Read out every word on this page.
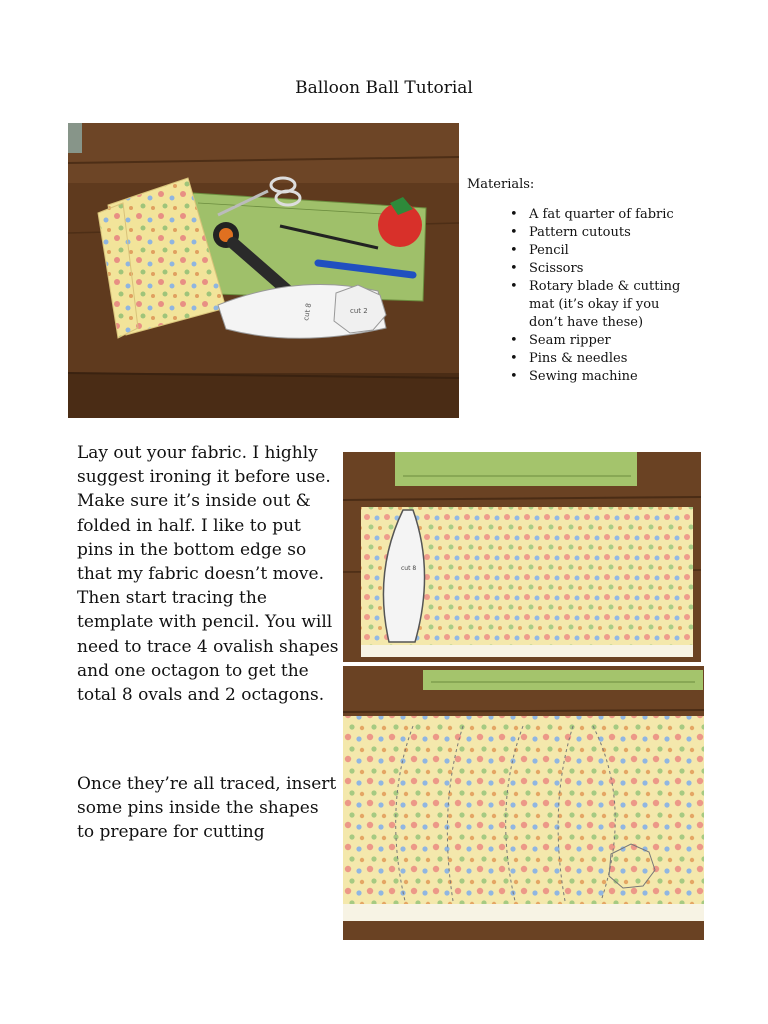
Balloon Ball Tutorial
cut 8	cut 2
Materials:
• A fat quarter of fabric
• Pattern cutouts
• Pencil
• Scissors
• Rotary blade & cutting mat (it’s okay if you don’t have these)
• Seam ripper
• Pins & needles
• Sewing machine
Lay out your fabric. I highly suggest ironing it before use. Make sure it’s inside out & folded in half. I like to put pins in the bottom edge so that my fabric doesn’t move. Then start tracing the template with pencil. You will need to trace 4 ovalish shapes and one octagon to get the total 8 ovals and 2 octagons.
Once they’re all traced, insert some pins inside the shapes to prepare for cutting
cut 8
